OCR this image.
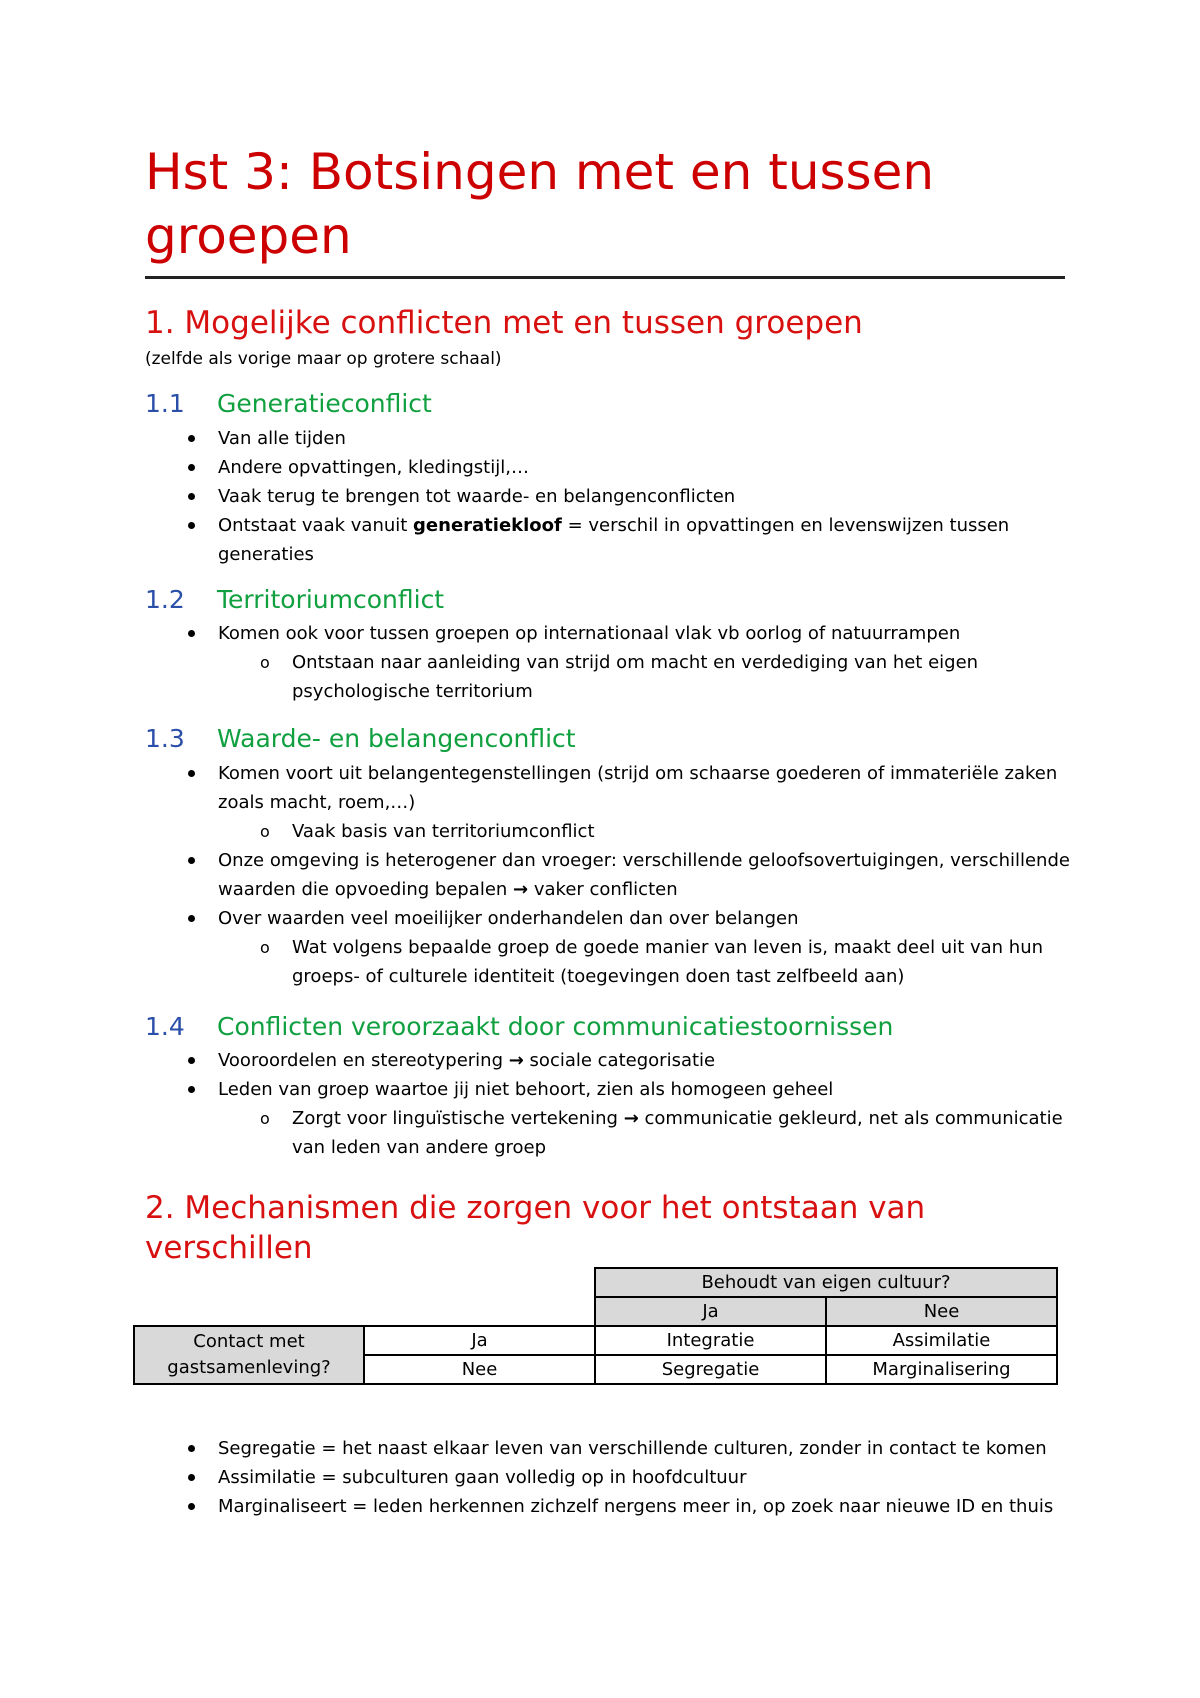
Hst 3: Botsingen met en tussen groepen
1. Mogelijke conflicten met en tussen groepen

(zelfde als vorige maar op grotere schaal)

1.1 Generatieconflict
Van alle tijden
Andere opvattingen, kledingstijl,…
Vaak terug te brengen tot waarde- en belangenconflicten
Ontstaat vaak vanuit generatiekloof = verschil in opvattingen en levenswijzen tussen generaties
1.2 Territoriumconflict
Komen ook voor tussen groepen op internationaal vlak vb oorlog of natuurrampen
o Ontstaan naar aanleiding van strijd om macht en verdediging van het eigen psychologische territorium
1.3 Waarde- en belangenconflict
Komen voort uit belangentegenstellingen (strijd om schaarse goederen of immateriële zaken zoals macht, roem,…)
o Vaak basis van territoriumconflict
Onze omgeving is heterogener dan vroeger: verschillende geloofsovertuigingen, verschillende waarden die opvoeding bepalen → vaker conflicten
Over waarden veel moeilijker onderhandelen dan over belangen
o Wat volgens bepaalde groep de goede manier van leven is, maakt deel uit van hun groeps- of culturele identiteit (toegevingen doen tast zelfbeeld aan)
1.4 Conflicten veroorzaakt door communicatiestoornissen
Vooroordelen en stereotypering → sociale categorisatie
Leden van groep waartoe jij niet behoort, zien als homogeen geheel
o Zorgt voor linguïstische vertekening → communicatie gekleurd, net als communicatie van leden van andere groep
2. Mechanismen die zorgen voor het ontstaan van verschillen
		Behoudt van eigen cultuur?	
		Ja	Nee
Contact met gastsamenleving?	Ja	Integratie	Assimilatie
	Nee	Segregatie	Marginalisering
Segregatie = het naast elkaar leven van verschillende culturen, zonder in contact te komen
Assimilatie = subculturen gaan volledig op in hoofdcultuur
Marginaliseert = leden herkennen zichzelf nergens meer in, op zoek naar nieuwe ID en thuis
